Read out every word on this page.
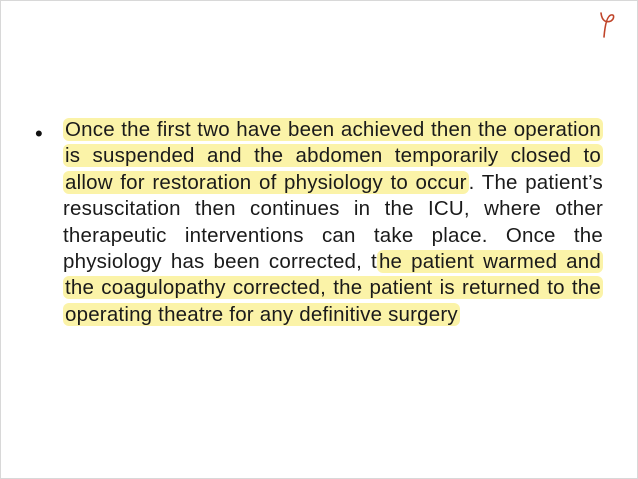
• Once the first two have been achieved then the operation is suspended and the abdomen temporarily closed to allow for restoration of physiology to occur. The patient’s resuscitation then continues in the ICU, where other therapeutic interventions can take place. Once the physiology has been corrected, the patient warmed and the coagulopathy corrected, the patient is returned to the operating theatre for any definitive surgery
